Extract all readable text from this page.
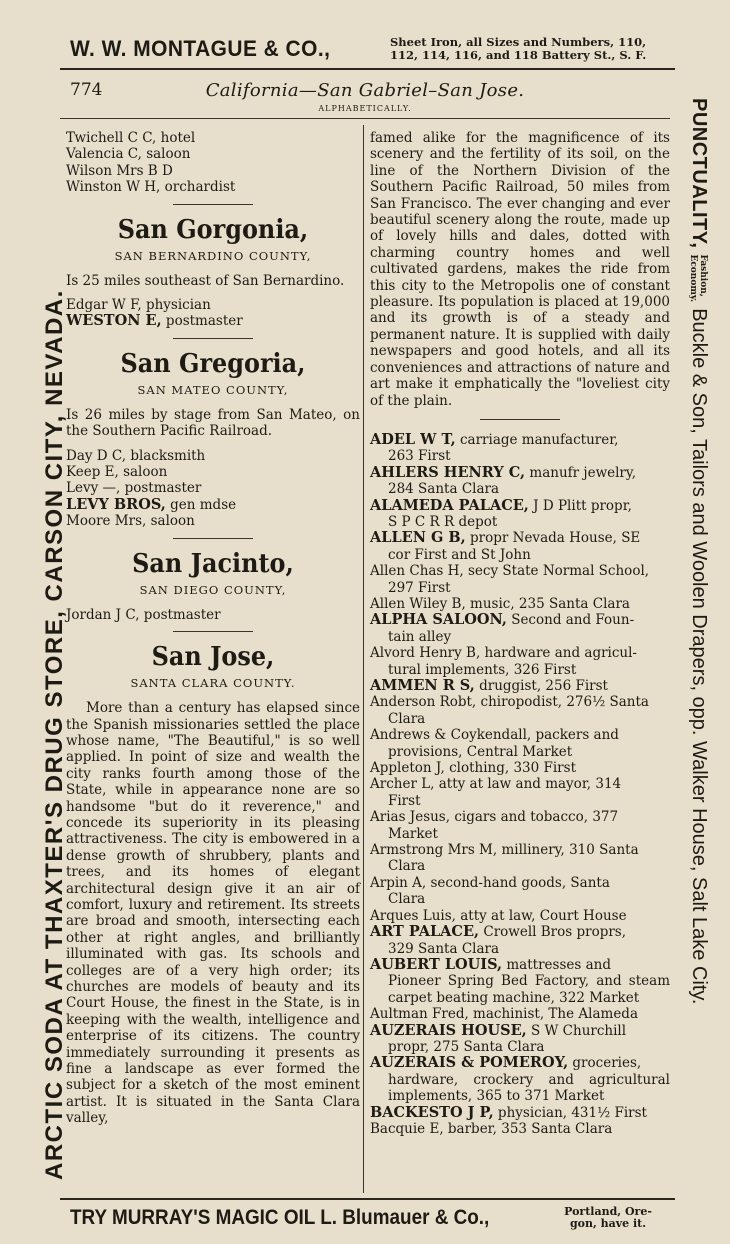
W. W. MONTAGUE & CO.,	Sheet Iron, all Sizes and Numbers, 110,
112, 114, 116, and 118 Battery St., S. F.
California—San Gabriel–San Jose.
774
ALPHABETICALLY.
ARCTIC SODA AT THAXTER'S DRUG STORE, CARSON CITY, NEVADA.
PUNCTUALITY,Fashion,
Economy.Buckle & Son, Tailors and Woolen Drapers, opp. Walker House, Salt Lake City.
Twichell C C, hotel
Valencia C, saloon
Wilson Mrs B D
Winston W H, orchardist
San Gorgonia,
SAN BERNARDINO COUNTY,
Is 25 miles southeast of San Bernardino.
Edgar W F, physician
WESTON E, postmaster
San Gregoria,
SAN MATEO COUNTY,
Is 26 miles by stage from San Mateo, on the Southern Pacific Railroad.
Day D C, blacksmith
Keep E, saloon
Levy —, postmaster
LEVY BROS, gen mdse
Moore Mrs, saloon
San Jacinto,
SAN DIEGO COUNTY,
Jordan J C, postmaster
San Jose,
SANTA CLARA COUNTY.
More than a century has elapsed since the Spanish missionaries settled the place whose name, "The Beautiful," is so well applied. In point of size and wealth the city ranks fourth among those of the State, while in appearance none are so handsome "but do it reverence," and concede its superiority in its pleasing attractiveness. The city is embowered in a dense growth of shrubbery, plants and trees, and its homes of elegant architectural design give it an air of comfort, luxury and retirement. Its streets are broad and smooth, intersecting each other at right angles, and brilliantly illuminated with gas. Its schools and colleges are of a very high order; its churches are models of beauty and its Court House, the finest in the State, is in keeping with the wealth, intelligence and enterprise of its citizens. The country immediately surrounding it presents as fine a landscape as ever formed the subject for a sketch of the most eminent artist. It is situated in the Santa Clara valley,
famed alike for the magnificence of its scenery and the fertility of its soil, on the line of the Northern Division of the Southern Pacific Railroad, 50 miles from San Francisco. The ever changing and ever beautiful scenery along the route, made up of lovely hills and dales, dotted with charming country homes and well cultivated gardens, makes the ride from this city to the Metropolis one of constant pleasure. Its population is placed at 19,000 and its growth is of a steady and permanent nature. It is supplied with daily newspapers and good hotels, and all its conveniences and attractions of nature and art make it emphatically the "loveliest city of the plain.
ADEL W T, carriage manufacturer,
263 First
AHLERS HENRY C, manufr jewelry,
284 Santa Clara
ALAMEDA PALACE, J D Plitt propr,
S P C R R depot
ALLEN G B, propr Nevada House, SE
cor First and St John
Allen Chas H, secy State Normal School,
297 First
Allen Wiley B, music, 235 Santa Clara
ALPHA SALOON, Second and Foun-
tain alley
Alvord Henry B, hardware and agricul-
tural implements, 326 First
AMMEN R S, druggist, 256 First
Anderson Robt, chiropodist, 276½ Santa
Clara
Andrews & Coykendall, packers and
provisions, Central Market
Appleton J, clothing, 330 First
Archer L, atty at law and mayor, 314
First
Arias Jesus, cigars and tobacco, 377
Market
Armstrong Mrs M, millinery, 310 Santa
Clara
Arpin A, second-hand goods, Santa
Clara
Arques Luis, atty at law, Court House
ART PALACE, Crowell Bros proprs,
329 Santa Clara
AUBERT LOUIS, mattresses and
Pioneer Spring Bed Factory, and steam carpet beating machine, 322 Market
Aultman Fred, machinist, The Alameda
AUZERAIS HOUSE, S W Churchill
propr, 275 Santa Clara
AUZERAIS & POMEROY, groceries,
hardware, crockery and agricultural implements, 365 to 371 Market
BACKESTO J P, physician, 431½ First
Bacquie E, barber, 353 Santa Clara
TRY MURRAY'S MAGIC OIL L. Blumauer & Co.,	Portland, Ore-
gon, have it.
